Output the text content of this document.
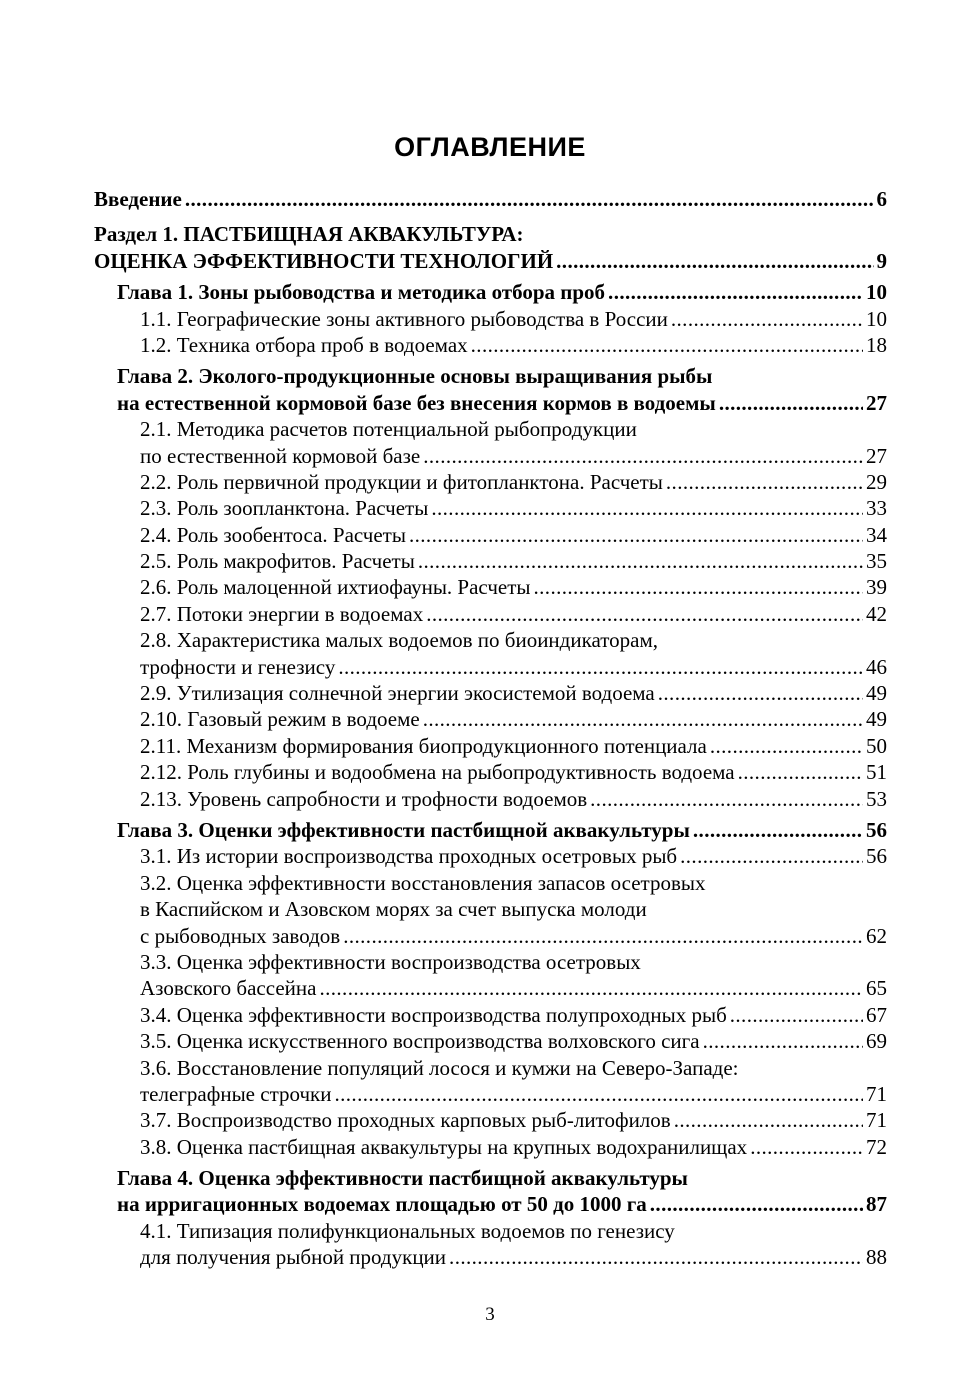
ОГЛАВЛЕНИЕ
Введение .....	6
Раздел 1. ПАСТБИЩНАЯ АКВАКУЛЬТУРА:
ОЦЕНКА ЭФФЕКТИВНОСТИ ТЕХНОЛОГИЙ .....	9
Глава 1. Зоны рыбоводства и методика отбора проб .....	10
1.1. Географические зоны активного рыбоводства в России .....	10
1.2. Техника отбора проб в водоемах .....	18
Глава 2. Эколого-продукционные основы выращивания рыбы
на естественной кормовой базе без внесения кормов в водоемы .....	27
2.1. Методика расчетов потенциальной рыбопродукции
по естественной кормовой базе .....	27
2.2. Роль первичной продукции и фитопланктона. Расчеты .....	29
2.3. Роль зоопланктона. Расчеты .....	33
2.4. Роль зообентоса. Расчеты .....	34
2.5. Роль макрофитов. Расчеты .....	35
2.6. Роль малоценной ихтиофауны. Расчеты .....	39
2.7. Потоки энергии в водоемах .....	42
2.8. Характеристика малых водоемов по биоиндикаторам,
трофности и генезису .....	46
2.9. Утилизация солнечной энергии экосистемой водоема .....	49
2.10. Газовый режим в водоеме .....	49
2.11. Механизм формирования биопродукционного потенциала .....	50
2.12. Роль глубины и водообмена на рыбопродуктивность водоема .....	51
2.13. Уровень сапробности и трофности водоемов .....	53
Глава 3. Оценки эффективности пастбищной аквакультуры .....	56
3.1. Из истории воспроизводства проходных осетровых рыб .....	56
3.2. Оценка эффективности восстановления запасов осетровых
в Каспийском и Азовском морях за счет выпуска молоди
с рыбоводных заводов .....	62
3.3. Оценка эффективности воспроизводства осетровых
Азовского бассейна .....	65
3.4. Оценка эффективности воспроизводства полупроходных рыб .....	67
3.5. Оценка искусственного воспроизводства волховского сига .....	69
3.6. Восстановление популяций лосося и кумжи на Северо-Западе:
телеграфные строчки .....	71
3.7. Воспроизводство проходных карповых рыб-литофилов .....	71
3.8. Оценка пастбищная аквакультуры на крупных водохранилищах .....	72
Глава 4. Оценка эффективности пастбищной аквакультуры
на ирригационных водоемах площадью от 50 до 1000 га .....	87
4.1. Типизация полифункциональных водоемов по генезису
для получения рыбной продукции .....	88
3
